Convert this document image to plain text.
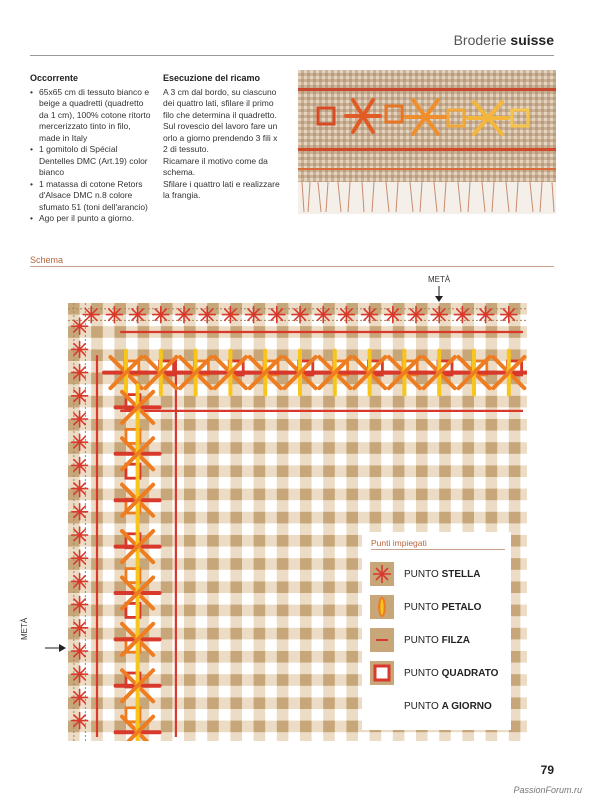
Broderie suisse
Occorrente
• 65x65 cm di tessuto bianco e beige a quadretti (quadretto da 1 cm), 100% cotone ritorto mercerizzato tinto in filo, made in Italy
• 1 gomitolo di Spécial Dentelles DMC (Art.19) color bianco
• 1 matassa di cotone Retors d'Alsace DMC n.8 colore sfumato 51 (toni dell'arancio)
• Ago per il punto a giorno.
Esecuzione del ricamo

A 3 cm dal bordo, su ciascuno dei quattro lati, sfilare il primo filo che determina il quadretto. Sul rovescio del lavoro fare un orlo a giorno prendendo 3 fili x 2 di tessuto.

Ricamare il motivo come da schema.

Sfilare i quattro lati e realizzare la frangia.

Schema
METÀ
METÀ
Punti impiegati
PUNTO STELLA
PUNTO PETALO
PUNTO FILZA
PUNTO QUADRATO
PUNTO A GIORNO
79
PassionForum.ru
